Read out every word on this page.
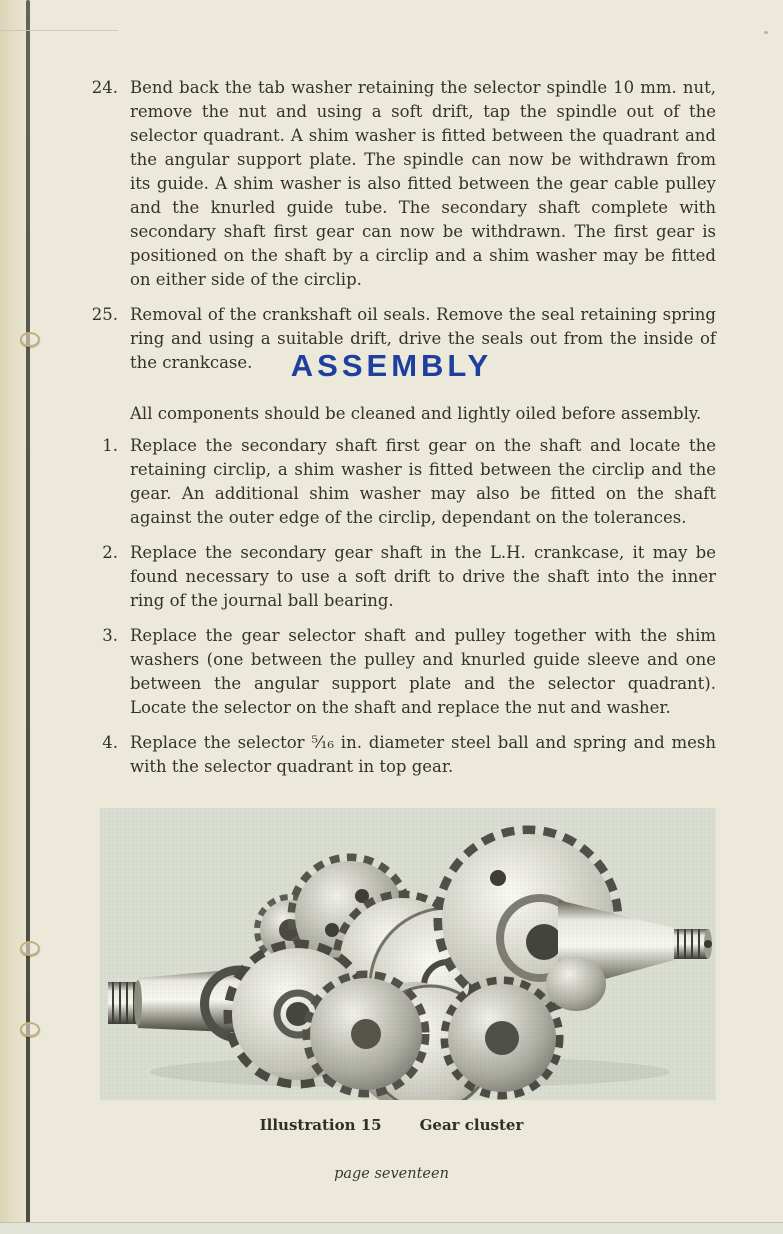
24. Bend back the tab washer retaining the selector spindle 10 mm. nut, remove the nut and using a soft drift, tap the spindle out of the selector quadrant. A shim washer is fitted between the quadrant and the angular support plate. The spindle can now be withdrawn from its guide. A shim washer is also fitted between the gear cable pulley and the knurled guide tube. The secondary shaft complete with secondary shaft first gear can now be withdrawn. The first gear is positioned on the shaft by a circlip and a shim washer may be fitted on either side of the circlip.
25. Removal of the crankshaft oil seals. Remove the seal retaining spring ring and using a suitable drift, drive the seals out from the inside of the crankcase.	ASSEMBLY
All components should be cleaned and lightly oiled before assembly.
1. Replace the secondary shaft first gear on the shaft and locate the retaining circlip, a shim washer is fitted between the circlip and the gear. An additional shim washer may also be fitted on the shaft against the outer edge of the circlip, dependant on the tolerances.
2. Replace the secondary gear shaft in the L.H. crankcase, it may be found necessary to use a soft drift to drive the shaft into the inner ring of the journal ball bearing.
3. Replace the gear selector shaft and pulley together with the shim washers (one between the pulley and knurled guide sleeve and one between the angular support plate and the selector quadrant). Locate the selector on the shaft and replace the nut and washer.
4. Replace the selector ⁵⁄₁₆ in. diameter steel ball and spring and mesh with the selector quadrant in top gear.
Illustration 15	Gear cluster
page seventeen
